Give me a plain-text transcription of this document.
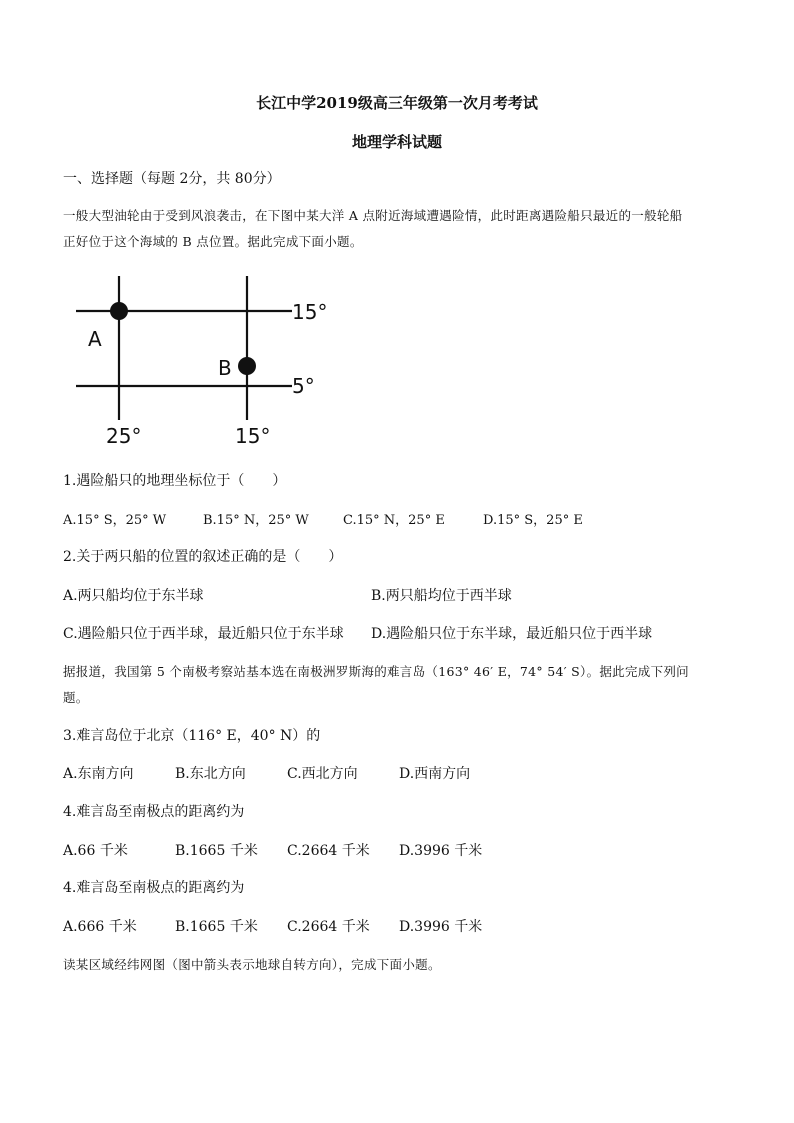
长江中学2019级高三年级第一次月考考试
地理学科试题
一、选择题（每题 2分，共 80分）
一般大型油轮由于受到风浪袭击，在下图中某大洋 A 点附近海域遭遇险情，此时距离遇险船只最近的一般轮船
正好位于这个海域的 B 点位置。据此完成下面小题。
A
B
15°
5°
25°	15°
1.遇险船只的地理坐标位于（　　）
A.15° S，25° W	B.15° N，25° W	C.15° N，25° E	D.15° S，25° E
2.关于两只船的位置的叙述正确的是（　　）
A.两只船均位于东半球	B.两只船均位于西半球
C.遇险船只位于西半球，最近船只位于东半球 D.遇险船只位于东半球，最近船只位于西半球
据报道，我国第 5 个南极考察站基本选在南极洲罗斯海的难言岛（163° 46′ E，74° 54′ S）。据此完成下列问
题。
3.难言岛位于北京（116° E，40° N）的
A.东南方向	B.东北方向	C.西北方向	D.西南方向
4.难言岛至南极点的距离约为
A.66 千米	B.1665 千米 C.2664 千米 D.3996 千米
4.难言岛至南极点的距离约为
A.666 千米	B.1665 千米 C.2664 千米 D.3996 千米
读某区域经纬网图（图中箭头表示地球自转方向），完成下面小题。
